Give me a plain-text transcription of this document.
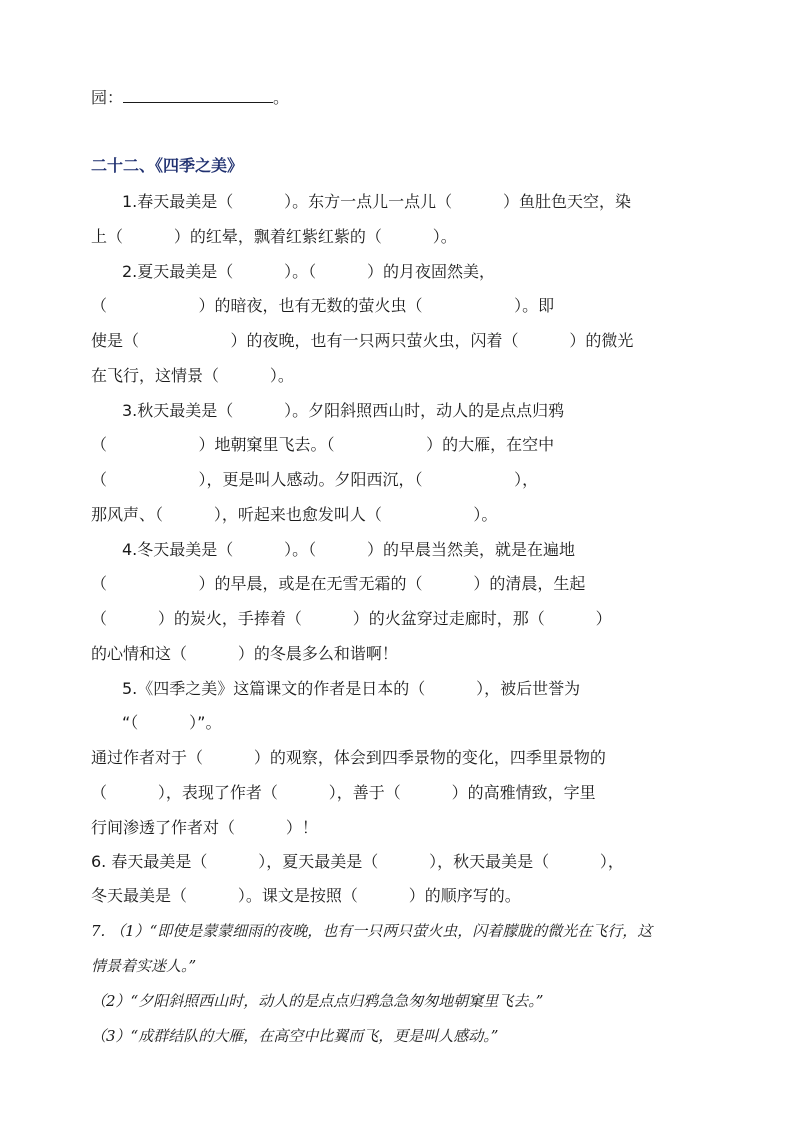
园：	。
二十二、《四季之美》
1.春天最美是（          ）。东方一点儿一点儿（          ）鱼肚色天空，染
上（          ）的红晕，飘着红紫红紫的（          ）。
2.夏天最美是（          ）。（          ）的月夜固然美，
（                  ）的暗夜，也有无数的萤火虫（                  ）。即
使是（                  ）的夜晚，也有一只两只萤火虫，闪着（          ）的微光
在飞行，这情景（          ）。
3.秋天最美是（          ）。夕阳斜照西山时，动人的是点点归鸦
（                  ）地朝窠里飞去。（                  ）的大雁，在空中
（                  ），更是叫人感动。夕阳西沉，（                  ），
那风声、（          ），听起来也愈发叫人（                  ）。
4.冬天最美是（          ）。（          ）的早晨当然美，就是在遍地
（                  ）的早晨，或是在无雪无霜的（          ）的清晨，生起
（          ）的炭火，手捧着（          ）的火盆穿过走廊时，那（          ）
的心情和这（          ）的冬晨多么和谐啊！
5.《四季之美》这篇课文的作者是日本的（          ），被后世誉为
“（          ）”。
通过作者对于（          ）的观察，体会到四季景物的变化，四季里景物的
（          ），表现了作者（          ），善于（          ）的高雅情致，字里
行间渗透了作者对（          ）！
6. 春天最美是（          ），夏天最美是（          ），秋天最美是（          ），
冬天最美是（          ）。课文是按照（          ）的顺序写的。
7. （1）“即使是蒙蒙细雨的夜晚，也有一只两只萤火虫，闪着朦胧的微光在飞行，这
情景着实迷人。”
（2）“夕阳斜照西山时，动人的是点点归鸦急急匆匆地朝窠里飞去。”
（3）“成群结队的大雁，在高空中比翼而飞，更是叫人感动。”
